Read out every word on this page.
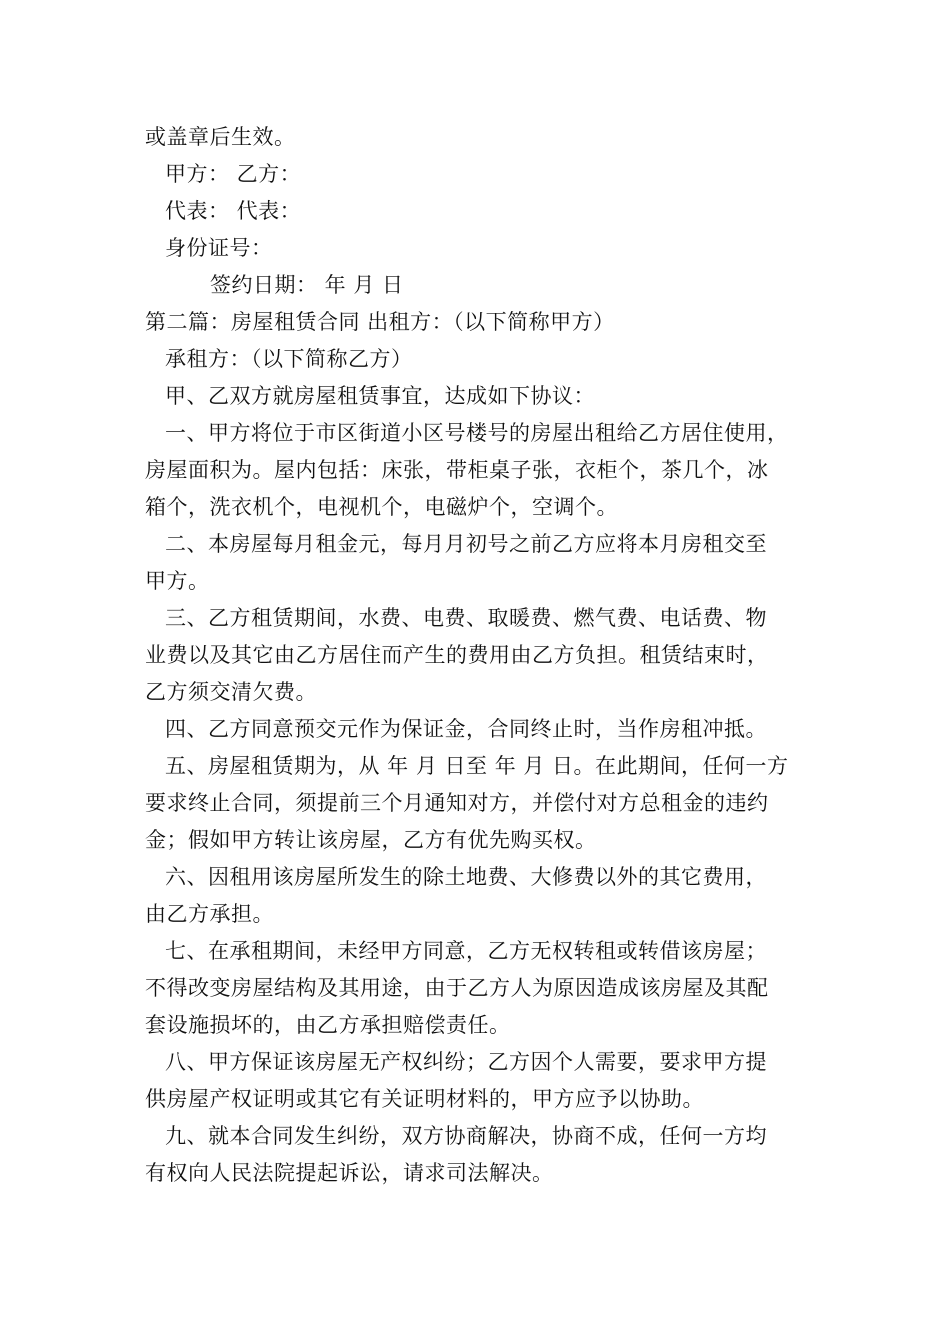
或盖章后生效。
甲方： 乙方：
代表： 代表：
身份证号：
签约日期： 年 月 日
第二篇：房屋租赁合同 出租方：（以下简称甲方）
承租方：（以下简称乙方）
甲、乙双方就房屋租赁事宜，达成如下协议：
一、甲方将位于市区街道小区号楼号的房屋出租给乙方居住使用，
房屋面积为。屋内包括：床张，带柜桌子张，衣柜个，茶几个，冰
箱个，洗衣机个，电视机个，电磁炉个，空调个。
二、本房屋每月租金元，每月月初号之前乙方应将本月房租交至
甲方。
三、乙方租赁期间，水费、电费、取暖费、燃气费、电话费、物
业费以及其它由乙方居住而产生的费用由乙方负担。租赁结束时，
乙方须交清欠费。
四、乙方同意预交元作为保证金，合同终止时，当作房租冲抵。
五、房屋租赁期为，从 年 月 日至 年 月 日。在此期间，任何一方
要求终止合同，须提前三个月通知对方，并偿付对方总租金的违约
金；假如甲方转让该房屋，乙方有优先购买权。
六、因租用该房屋所发生的除土地费、大修费以外的其它费用，
由乙方承担。
七、在承租期间，未经甲方同意，乙方无权转租或转借该房屋；
不得改变房屋结构及其用途，由于乙方人为原因造成该房屋及其配
套设施损坏的，由乙方承担赔偿责任。
八、甲方保证该房屋无产权纠纷；乙方因个人需要，要求甲方提
供房屋产权证明或其它有关证明材料的，甲方应予以协助。
九、就本合同发生纠纷，双方协商解决，协商不成，任何一方均
有权向人民法院提起诉讼，请求司法解决。
